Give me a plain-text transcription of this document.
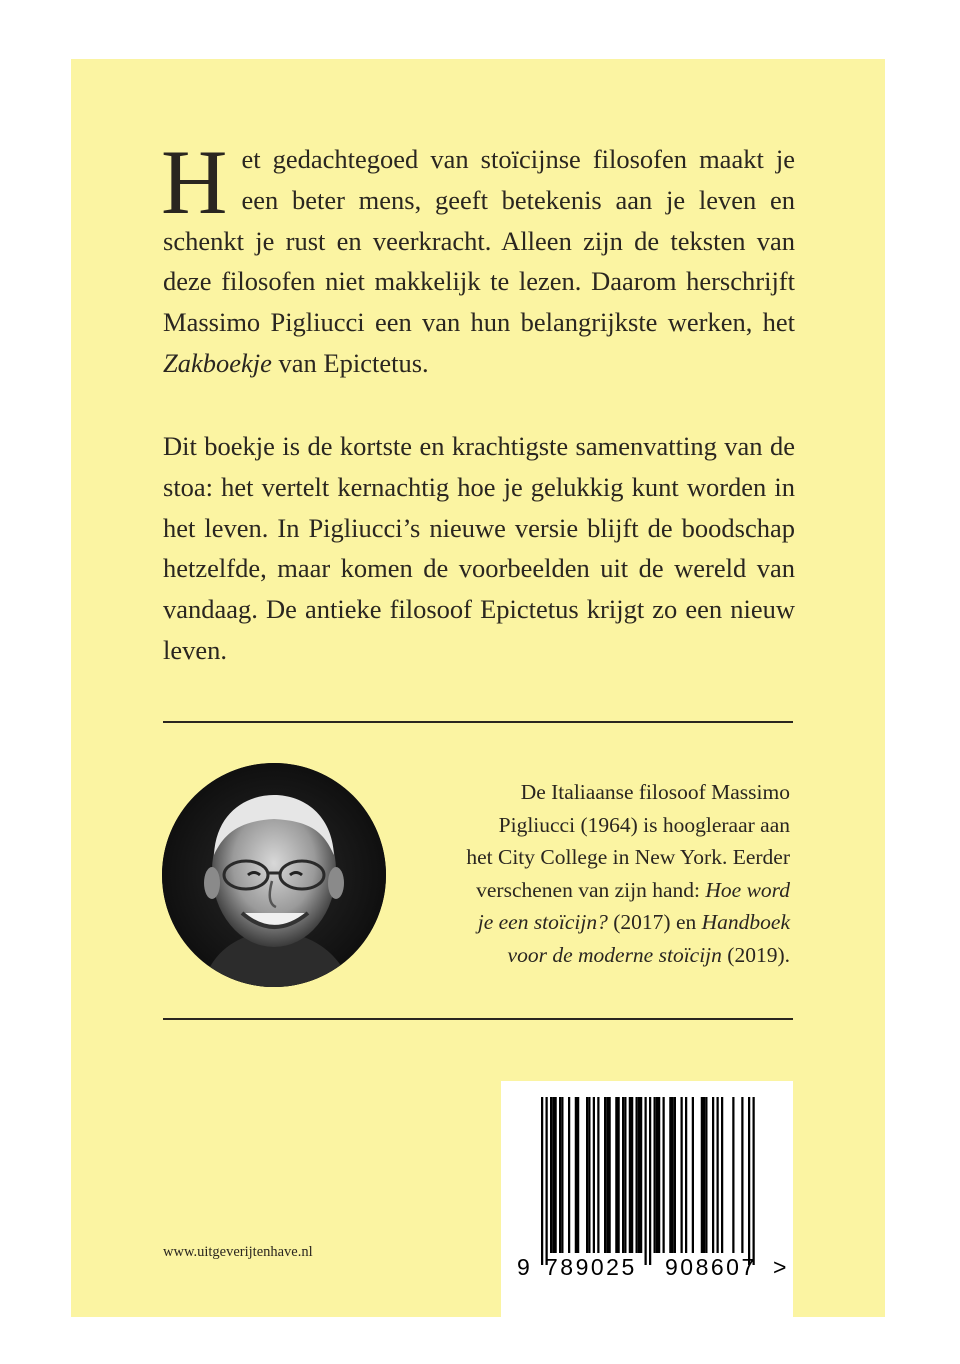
Het gedachtegoed van stoïcijnse filosofen maakt je een beter mens, geeft betekenis aan je leven en schenkt je rust en veerkracht. Alleen zijn de teksten van deze filosofen niet makkelijk te lezen. Daarom herschrijft Massimo Pigliucci een van hun belangrijkste werken, het Zakboekje van Epictetus.
Dit boekje is de kortste en krachtigste samenvatting van de stoa: het vertelt kernachtig hoe je gelukkig kunt worden in het leven. In Pigliucci’s nieuwe versie blijft de boodschap hetzelfde, maar komen de voorbeelden uit de wereld van vandaag. De antieke filosoof Epictetus krijgt zo een nieuw leven.
De Italiaanse filosoof Massimo
Pigliucci (1964) is hoogleraar aan
het City College in New York. Eerder
verschenen van zijn hand: Hoe word
je een stoïcijn? (2017) en Handboek
voor de moderne stoïcijn (2019).
www.uitgeverijtenhave.nl
9 789025 908607 >
